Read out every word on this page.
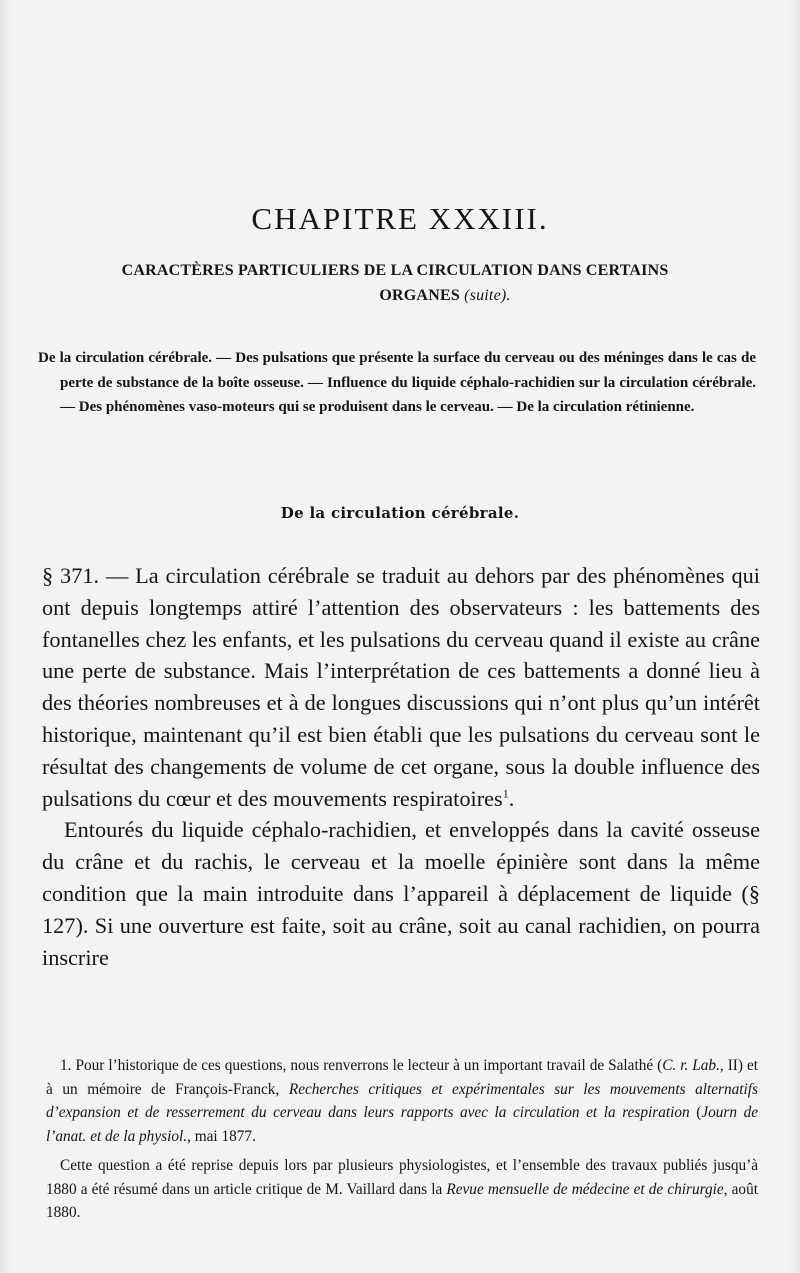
CHAPITRE XXXIII.
CARACTÈRES PARTICULIERS DE LA CIRCULATION DANS CERTAINS
ORGANES (suite).
De la circulation cérébrale. — Des pulsations que présente la surface du cerveau ou des méninges dans le cas de perte de substance de la boîte osseuse. — Influence du liquide céphalo-rachidien sur la circulation cérébrale. — Des phénomènes vaso-moteurs qui se produisent dans le cerveau. — De la circulation rétinienne.
De la circulation cérébrale.

§ 371. — La circulation cérébrale se traduit au dehors par des phénomènes qui ont depuis longtemps attiré l’attention des observateurs : les battements des fontanelles chez les enfants, et les pulsations du cerveau quand il existe au crâne une perte de substance. Mais l’interprétation de ces battements a donné lieu à des théories nombreuses et à de longues discussions qui n’ont plus qu’un intérêt historique, maintenant qu’il est bien établi que les pulsations du cerveau sont le résultat des changements de volume de cet organe, sous la double influence des pulsations du cœur et des mouvements respiratoires$^1$.

Entourés du liquide céphalo-rachidien, et enveloppés dans la cavité osseuse du crâne et du rachis, le cerveau et la moelle épinière sont dans la même condition que la main introduite dans l’appareil à déplacement de liquide (§ 127). Si une ouverture est faite, soit au crâne, soit au canal rachidien, on pourra inscrire

1. Pour l’historique de ces questions, nous renverrons le lecteur à un important travail de Salathé (C. r. Lab., II) et à un mémoire de François-Franck, Recherches critiques et expérimentales sur les mouvements alternatifs d’expansion et de resserrement du cerveau dans leurs rapports avec la circulation et la respiration (Journ de l’anat. et de la physiol., mai 1877.

Cette question a été reprise depuis lors par plusieurs physiologistes, et l’ensemble des travaux publiés jusqu’à 1880 a été résumé dans un article critique de M. Vaillard dans la Revue mensuelle de médecine et de chirurgie, août 1880.
